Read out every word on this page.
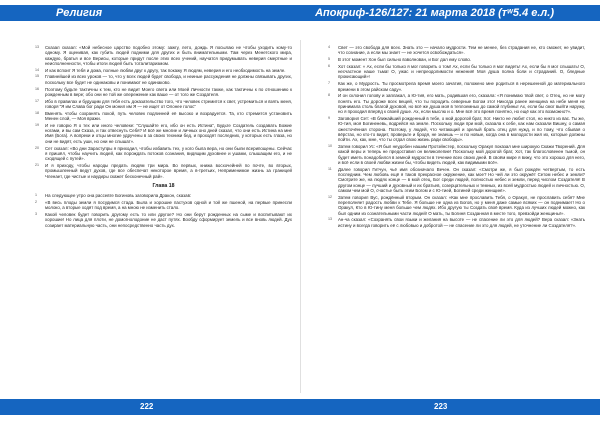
Религия	Апокриф-126/127: 21 марта 2018 (ᴛʷ5.4 е.л.)
13 Сказал сказал: «Мой небесное царство подобно этому: зажгу, лето, дождь Я посылаю не чтобы уходить кому-то одному. Я оценивая, как губить людей подними для других и быть внимательными. Там через Менетского мира, каждую, братья и все Верисы, которые придут после этих всех учений, научатся придумывать неверия смертные и неисполненности, чтобы итоги людей быть тоталитаризмом.
14 И как вспоит Я тебя и дома, полные любви друг к другу, так покажу Я людям, неверия и его необходимость на земле.
15 Главнейшей из всех уроков — то, что у всех людей будет свобода, и неиные рассуждения не должны связывать других, поскольку все будет не одинаковы и понимают не одинаково.
16 Поэтому будьте тактичны к тем, кто не видит Моего света или Моей Личности также, как тактичны к по отношению к рожденным в вере; обо они не той же опережение как ваше — от того же Создателя.
17 Ибо в правилах и будущим для тебя есть доказательство того, что человек стремится к свет, устремиться и взять меня, говоря “Я им Слава бог ради Он монил им Я — не ищет от Олонее голос”
18 Вменять чтобы сохранять покой, путь человек подлинней её высоко и возрадуется. Та, кто стремится установить Менен слой, — Моя вражи.
19 И не говорю Я о тех или иного человеке: “Слушайте его, ибо он есть Истина”, Будьте Создатель создавать Божие ногами, и вы сам Сказа, и так отвеснуть Себя? И всё же многие и личных оно дней сказал, что они есть Истина на мне Имя (Бога). А вопреки и отцы многие удручены в за своих техники бед, и проходят последних, у которых есть глаза, но они не видят, есть уши, но они не слышат».
20 Сет сказал: «Во дни Зараступры я приходил, чтобы избавить тех, у кого была вера, но они были всерипощены. Сейчас я пришёл, чтобы научить людей, как порождать потоков сознания, видящим духовнее и ушами, слышащим его, и не сходящей с путей».
21 И я приходу, чтобы народы предать людям три мира. Во первых, книжа восхочейней по почте, во вторых, промышленный ведут духов, где все обеспечат некоторое время, а в-третьих, Неприменимое жизнь за границей Членает, где чистые и наудиры скажет бесконечный рай».
Глава 18
1 На следующее утро она рассевте Богиновь заговорила Дракон, сказав:
2 «В весь плоды земли я посудимся стада. Была и хорошие пастухов одной и той же пшеной, на первые принесли молоко, а вторые ходят под время, а на мною не изменить стало.
3 Какой человек будет говорить другому есть то или другое? Но они берут рожденных на сыме и воспитывают их хорошие! Но лица для плоти, не домогнолодоние не даст путях. Вообду сформирует земель и все вновь людей. Дух созирает материальную часть, они непосредственно часть дух.
4 Свет — это свобода для всех. Знать это — начало мудрости. Тем не менее, без страдания не, кто сможет, не увидит, что сознание, а если мы знает — не хочется освобождаться».
5 В этот момент Хон был сильно взволнован, и Бог дал ему слово.
6 Хот сказал: « Ах, если бы только я мог говорить о том! Ах, если бы только я мог видеть! Ах, если бы я мог слышать! О, несчастное наше тьма! О, ужас и непреодолимости нежения! Моя душа полна боли и страданий. О, бледные прокисающий»!
7 Как же, о Мудрость. Ты просмотрела время моего зачатия, положено мне родиться в нерешенной до материального времени в этом райском саду».
8 И он склонил голову и заплакал, а Ю-тия, его мать, родившая его, сказала: «Я понимаю твой свет, о Отец, но не могу понять его. Ты дороже всех вещей, что ты породить северные Богом это! Никогда ранее женщина на небе меня не принимала столь благой духовой, но всё же душа моя в теплоемных до самой глубины! Ах, если бы смог выйти наружу, но я проходил вперёд к своей душе. Ах, если мыслю и о. Мне всё это время понятно, но ещё как это возможно?».
9 Заговорил Сет: «В ближайший рожденный в тебе, о мой дорогой брат, Хот. Никто не любит стол, но никто из вас. Ты же, Ю-тия, моя Богиненевь, водрейся на земле. Поскольку люди при мой, сказала к себе, как нам сказали Вишну, о самая ожесточённая сторона. Поэтому, у людей, что читающий и зрелый брать отец для нужд, и по тому, что сбывая о вёрстах, но кто-то видит, проверьте и бродя, не знаешь — и по новые, когда она в молодости жил их, которые должны пойти. Ах, как, мне, что ты отдал свою жизнь ради свободы».
10 Затем говорил Ус: «Я был неудобен нашим Протэйнстер, поскольку Оракул показал мне широкую Скажи Творений. Для какой веры и теперь не предоставил он великолепие! Поскольку мой дорогой брат, Хот, так благословенен тьмой, он будет иметь понадобился в земной мудрости в течение всех своих дней. В своём мире я вижу, что это хорошо для него, и всё если в своей любви жизни бы, чтобы видеть людей, как видимыми всё».
11 Далее говорил Гитчун, чьё имя обозначало Вечен. Он сказал: «Смотри же, я был рождён четвертым, то есть последним. Чем любовь ещё я таков прекрасное окружение, как мое? Но чей ли это окружёт Сетом небес и земли? Смотрите же, на людях конце — в мой отец, Бог среди людей, полностью небес и земли, перед числом Создателя! В другом конце — лучший и духовный и их братьев, созерцательных и темных, из всей мудростью людей и личностью. О, самом чем мой О, счастье быть этим Богом и с Ю-тией, Богиней среди женщин!».
12 Затем говорил Вус, рождённый вторым. Он сказал: «Как мне прославить Тебя, о Оракул, не прославить себя? Мне переполняет радость любви к Тебе. Я больше не одна из Богов, но у меня даже самые всяких — он поднимает! Но о Оракул, Кто в Ю-тину меня больше чем людях. Ибо другую ты Создать своё время. Куда из лучших людей можно, как был одним из сознательными части людей! О мать, ты Богиня Созданная в месте того, превзойди женщины!».
13 Ан-ча сказал: «Сохранять свои языки и желания на высоте — не спасение ли это для людей? Вера сказал: «Знать истину и всегда говорить её с любовью и добротой — не спасение ли это для людей, не уточнение ли Создателя?».
222	223
